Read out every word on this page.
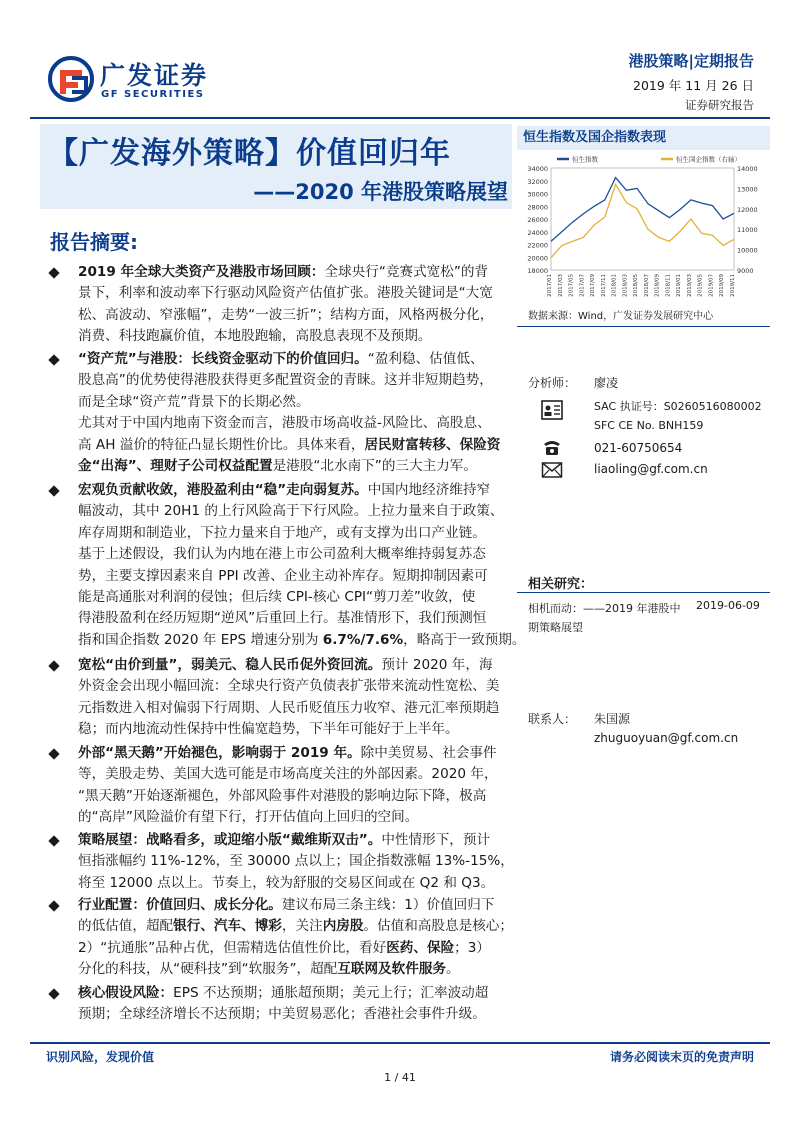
广发证券
GF SECURITIES
港股策略|定期报告
2019 年 11 月 26 日
证券研究报告
【广发海外策略】价值回归年
——2020 年港股策略展望
报告摘要:
2019 年全球大类资产及港股市场回顾：全球央行“竞赛式宽松”的背
景下，利率和波动率下行驱动风险资产估值扩张。港股关键词是“大宽
松、高波动、窄涨幅”，走势“一波三折”；结构方面，风格两极分化，
消费、科技跑赢价值，本地股跑输，高股息表现不及预期。
“资产荒”与港股：长线资金驱动下的价值回归。“盈利稳、估值低、
股息高”的优势使得港股获得更多配置资金的青睐。这并非短期趋势，
而是全球“资产荒”背景下的长期必然。
尤其对于中国内地南下资金而言，港股市场高收益-风险比、高股息、
高 AH 溢价的特征凸显长期性价比。具体来看，居民财富转移、保险资
金“出海”、理财子公司权益配置是港股“北水南下”的三大主力军。
宏观负贡献收敛，港股盈利由“稳”走向弱复苏。中国内地经济维持窄
幅波动，其中 20H1 的上行风险高于下行风险。上拉力量来自于政策、
库存周期和制造业，下拉力量来自于地产，或有支撑为出口产业链。
基于上述假设，我们认为内地在港上市公司盈利大概率维持弱复苏态
势，主要支撑因素来自 PPI 改善、企业主动补库存。短期抑制因素可
能是高通胀对利润的侵蚀；但后续 CPI-核心 CPI“剪刀差”收敛，使
得港股盈利在经历短期“逆风”后重回上行。基准情形下，我们预测恒
指和国企指数 2020 年 EPS 增速分别为 6.7%/7.6%，略高于一致预期。
宽松“由价到量”，弱美元、稳人民币促外资回流。预计 2020 年，海
外资金会出现小幅回流：全球央行资产负债表扩张带来流动性宽松、美
元指数进入相对偏弱下行周期、人民币贬值压力收窄、港元汇率预期趋
稳；而内地流动性保持中性偏宽趋势，下半年可能好于上半年。
外部“黑天鹅”开始褪色，影响弱于 2019 年。除中美贸易、社会事件
等，美股走势、美国大选可能是市场高度关注的外部因素。2020 年，
“黑天鹅”开始逐渐褪色，外部风险事件对港股的影响边际下降，极高
的“高岸”风险溢价有望下行，打开估值向上回归的空间。
策略展望：战略看多，或迎缩小版“戴维斯双击”。中性情形下，预计
恒指涨幅约 11%-12%，至 30000 点以上；国企指数涨幅 13%-15%，
将至 12000 点以上。节奏上，较为舒服的交易区间或在 Q2 和 Q3。
行业配置：价值回归、成长分化。建议布局三条主线：1）价值回归下
的低估值，超配银行、汽车、博彩，关注内房股。估值和高股息是核心；
2）“抗通胀”品种占优，但需精选估值性价比，看好医药、保险；3）
分化的科技，从“硬科技”到“软服务”，超配互联网及软件服务。
核心假设风险：EPS 不达预期；通胀超预期；美元上行；汇率波动超
预期；全球经济增长不达预期；中美贸易恶化；香港社会事件升级。
恒生指数及国企指数表现
18000
20000
22000
24000
26000
28000
30000
32000
34000
9000
10000
11000
12000
13000
14000
2017/01 2017/03 2017/05 2017/07 2017/09 2017/11 2018/01 2018/03 2018/05 2018/07 2018/09 2018/11 2019/01 2019/03 2019/05 2019/07 2019/09 2019/11
恒生指数	恒生国企指数（右轴）
数据来源：Wind，广发证券发展研究中心
分析师： 廖凌
SAC 执证号：S0260516080002
SFC CE No. BNH159
021-60750654
liaoling@gf.com.cn
相关研究：
相机而动：——2019 年港股中期策略展望
2019-06-09
联系人： 朱国源
zhuguoyuan@gf.com.cn
识别风险，发现价值	请务必阅读末页的免责声明
1 / 41
